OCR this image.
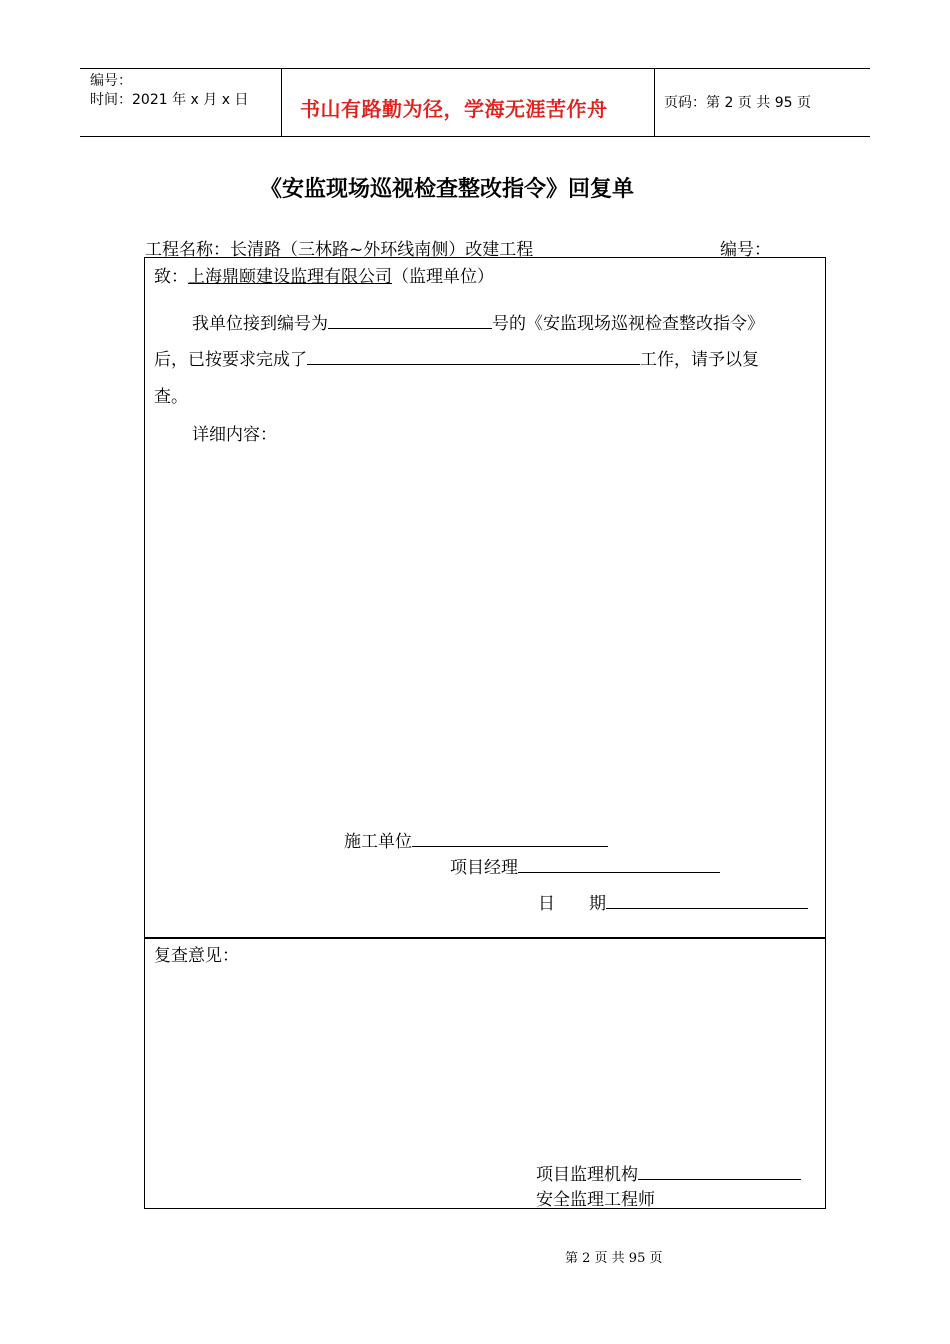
编号：
时间：2021 年 x 月 x 日	书山有路勤为径，学海无涯苦作舟	页码：第 2 页 共 95 页
《安监现场巡视检查整改指令》回复单
工程名称：长清路（三林路~外环线南侧）改建工程	编号：
致：上海鼎颐建设监理有限公司（监理单位）
我单位接到编号为	号的《安监现场巡视检查整改指令》
后，已按要求完成了	工作，请予以复
查。
详细内容：
施工单位
项目经理
日　　期
复查意见：
项目监理机构
安全监理工程师
第 2 页 共 95 页
